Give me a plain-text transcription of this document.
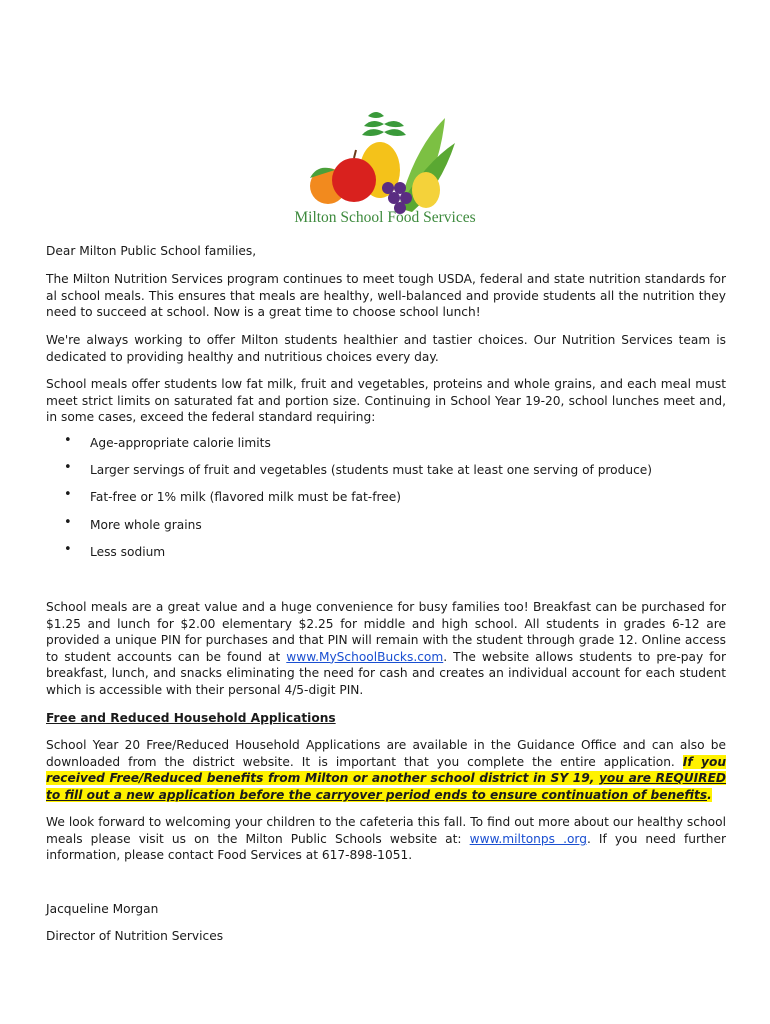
Milton School Food Services

Dear Milton Public School families,

The Milton Nutrition Services program continues to meet tough USDA, federal and state nutrition standards for al school meals. This ensures that meals are healthy, well-balanced and provide students all the nutrition they need to succeed at school. Now is a great time to choose school lunch!

We're always working to offer Milton students healthier and tastier choices. Our Nutrition Services team is dedicated to providing healthy and nutritious choices every day.

School meals offer students low fat milk, fruit and vegetables, proteins and whole grains, and each meal must meet strict limits on saturated fat and portion size. Continuing in School Year 19-20, school lunches meet and, in some cases, exceed the federal standard requiring:

• Age-appropriate calorie limits
• Larger servings of fruit and vegetables (students must take at least one serving of produce)
• Fat-free or 1% milk (flavored milk must be fat-free)
• More whole grains
• Less sodium

School meals are a great value and a huge convenience for busy families too! Breakfast can be purchased for $1.25 and lunch for $2.00 elementary $2.25 for middle and high school. All students in grades 6-12 are provided a unique PIN for purchases and that PIN will remain with the student through grade 12. Online access to student accounts can be found at www.MySchoolBucks.com. The website allows students to pre-pay for breakfast, lunch, and snacks eliminating the need for cash and creates an individual account for each student which is accessible with their personal 4/5-digit PIN.

Free and Reduced Household Applications

School Year 20 Free/Reduced Household Applications are available in the Guidance Office and can also be downloaded from the district website. It is important that you complete the entire application. If you received Free/Reduced benefits from Milton or another school district in SY 19, you are REQUIRED to fill out a new application before the carryover period ends to ensure continuation of benefits.

We look forward to welcoming your children to the cafeteria this fall. To find out more about our healthy school meals please visit us on the Milton Public Schools website at: www.miltonps .org. If you need further information, please contact Food Services at 617-898-1051.

Jacqueline Morgan
Director of Nutrition Services
